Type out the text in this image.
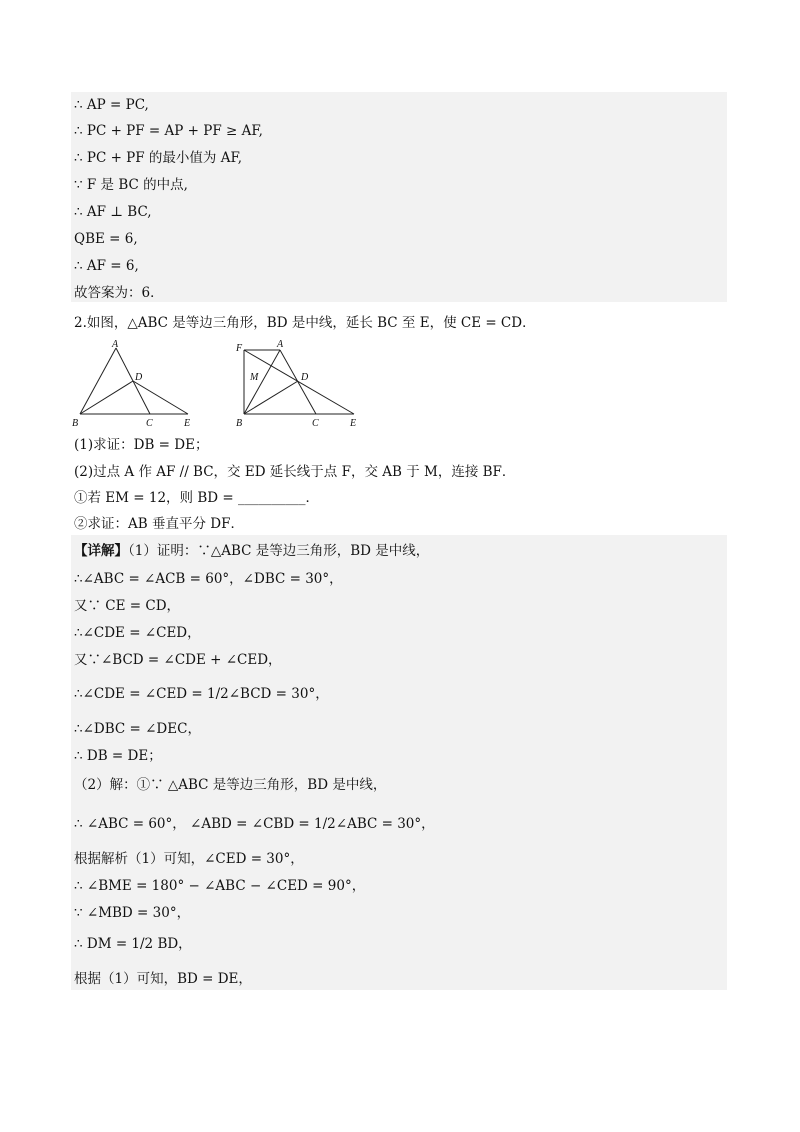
∴ AP = PC,
∴ PC + PF = AP + PF ≥ AF,
∴ PC + PF 的最小值为 AF,
∵ F 是 BC 的中点,
∴ AF ⊥ BC,
QBE = 6,
∴ AF = 6,
故答案为：6．
2.如图，△ABC 是等边三角形，BD 是中线，延长 BC 至 E，使 CE = CD．
A
D
B	C	E
F	A
M	D
B	C	E
(1)求证：DB = DE；
(2)过点 A 作 AF // BC，交 ED 延长线于点 F，交 AB 于 M，连接 BF．
①若 EM = 12，则 BD = __________．
②求证：AB 垂直平分 DF．
【详解】（1）证明：∵△ABC 是等边三角形，BD 是中线，
∴∠ABC = ∠ACB = 60°，∠DBC = 30°，
又∵ CE = CD，
∴∠CDE = ∠CED，
又∵∠BCD = ∠CDE + ∠CED，
∴∠CDE = ∠CED = 1/2∠BCD = 30°，
∴∠DBC = ∠DEC，
∴ DB = DE；
（2）解：①∵ △ABC 是等边三角形，BD 是中线，
∴ ∠ABC = 60°， ∠ABD = ∠CBD = 1/2∠ABC = 30°，
根据解析（1）可知，∠CED = 30°，
∴ ∠BME = 180° − ∠ABC − ∠CED = 90°，
∵ ∠MBD = 30°，
∴ DM = 1/2 BD，
根据（1）可知，BD = DE，
